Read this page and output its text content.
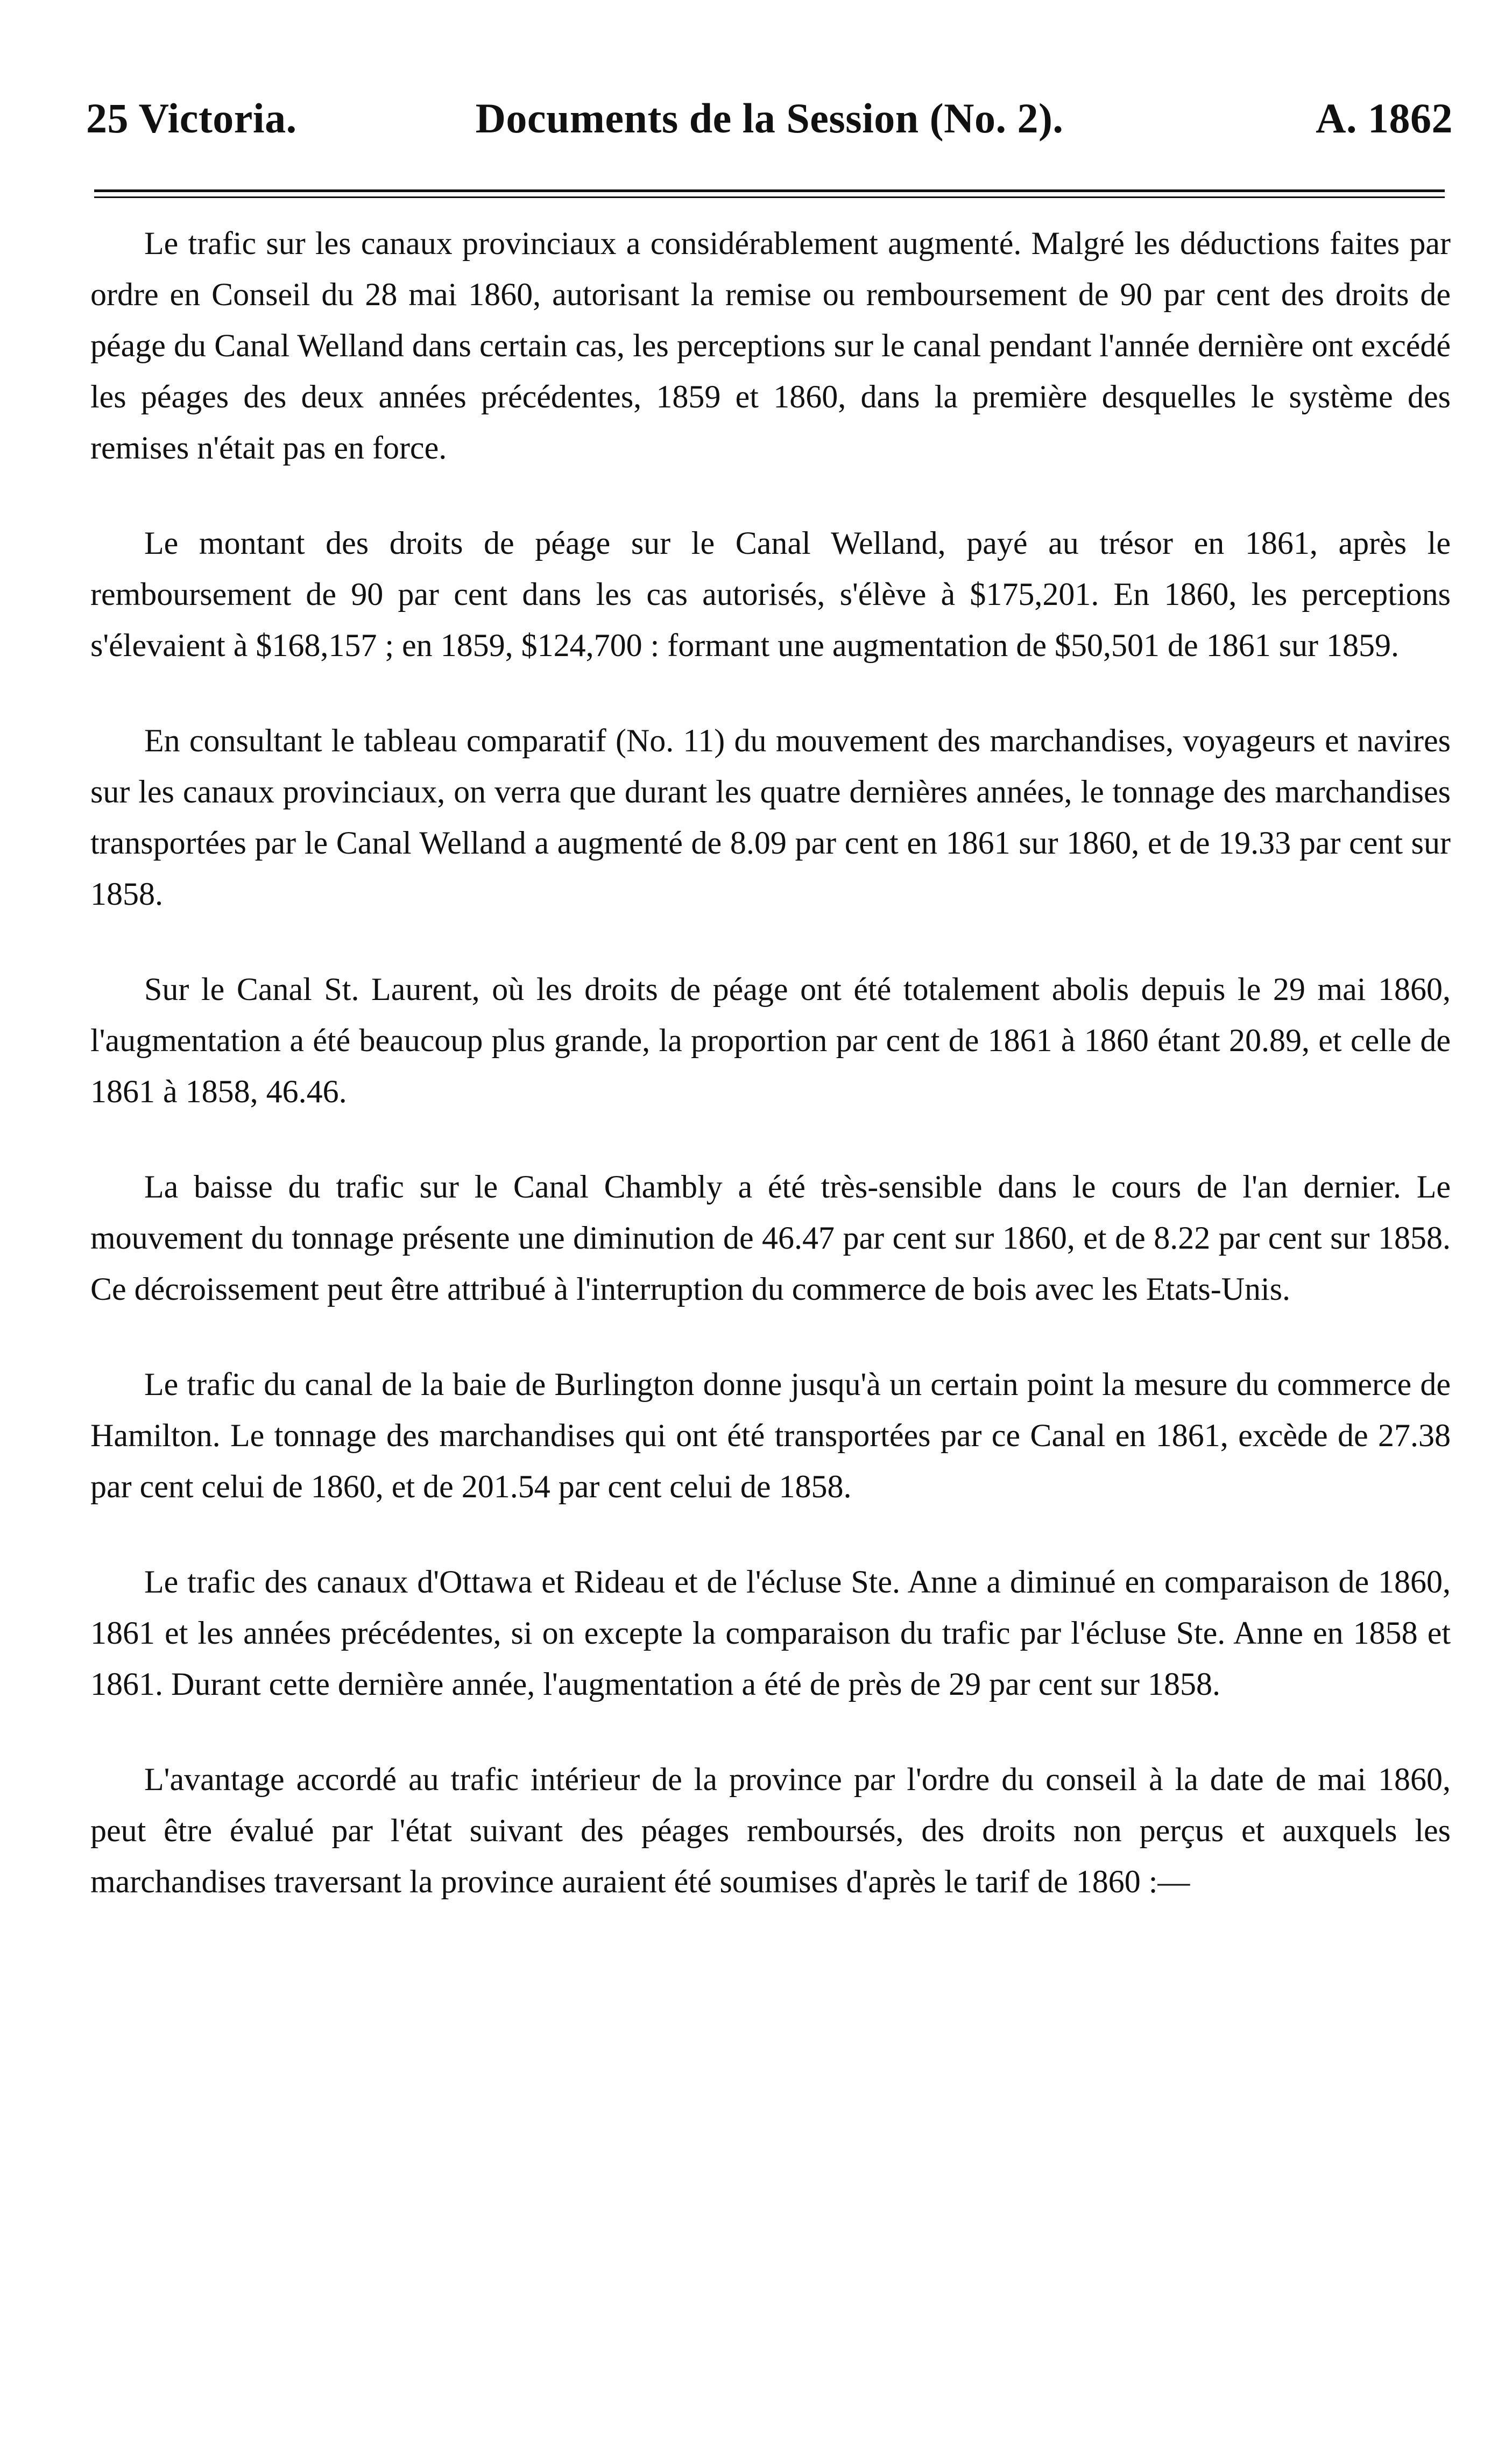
25 Victoria.	Documents de la Session (No. 2).	A. 1862

Le trafic sur les canaux provinciaux a considérablement augmenté. Malgré les déductions faites par ordre en Conseil du 28 mai 1860, autorisant la remise ou remboursement de 90 par cent des droits de péage du Canal Welland dans certain cas, les perceptions sur le canal pendant l'année dernière ont excédé les péages des deux années précédentes, 1859 et 1860, dans la première desquelles le système des remises n'était pas en force.

Le montant des droits de péage sur le Canal Welland, payé au trésor en 1861, après le remboursement de 90 par cent dans les cas autorisés, s'élève à $175,201. En 1860, les perceptions s'élevaient à $168,157 ; en 1859, $124,700 : formant une augmentation de $50,501 de 1861 sur 1859.

En consultant le tableau comparatif (No. 11) du mouvement des marchandises, voyageurs et navires sur les canaux provinciaux, on verra que durant les quatre dernières années, le tonnage des marchandises transportées par le Canal Welland a augmenté de 8.09 par cent en 1861 sur 1860, et de 19.33 par cent sur 1858.

Sur le Canal St. Laurent, où les droits de péage ont été totalement abolis depuis le 29 mai 1860, l'augmentation a été beaucoup plus grande, la proportion par cent de 1861 à 1860 étant 20.89, et celle de 1861 à 1858, 46.46.

La baisse du trafic sur le Canal Chambly a été très-sensible dans le cours de l'an dernier. Le mouvement du tonnage présente une diminution de 46.47 par cent sur 1860, et de 8.22 par cent sur 1858. Ce décroissement peut être attribué à l'interruption du commerce de bois avec les Etats-Unis.

Le trafic du canal de la baie de Burlington donne jusqu'à un certain point la mesure du commerce de Hamilton. Le tonnage des marchandises qui ont été transportées par ce Canal en 1861, excède de 27.38 par cent celui de 1860, et de 201.54 par cent celui de 1858.

Le trafic des canaux d'Ottawa et Rideau et de l'écluse Ste. Anne a diminué en comparaison de 1860, 1861 et les années précédentes, si on excepte la comparaison du trafic par l'écluse Ste. Anne en 1858 et 1861. Durant cette dernière année, l'augmentation a été de près de 29 par cent sur 1858.

L'avantage accordé au trafic intérieur de la province par l'ordre du conseil à la date de mai 1860, peut être évalué par l'état suivant des péages remboursés, des droits non perçus et auxquels les marchandises traversant la province auraient été soumises d'après le tarif de 1860 :—
